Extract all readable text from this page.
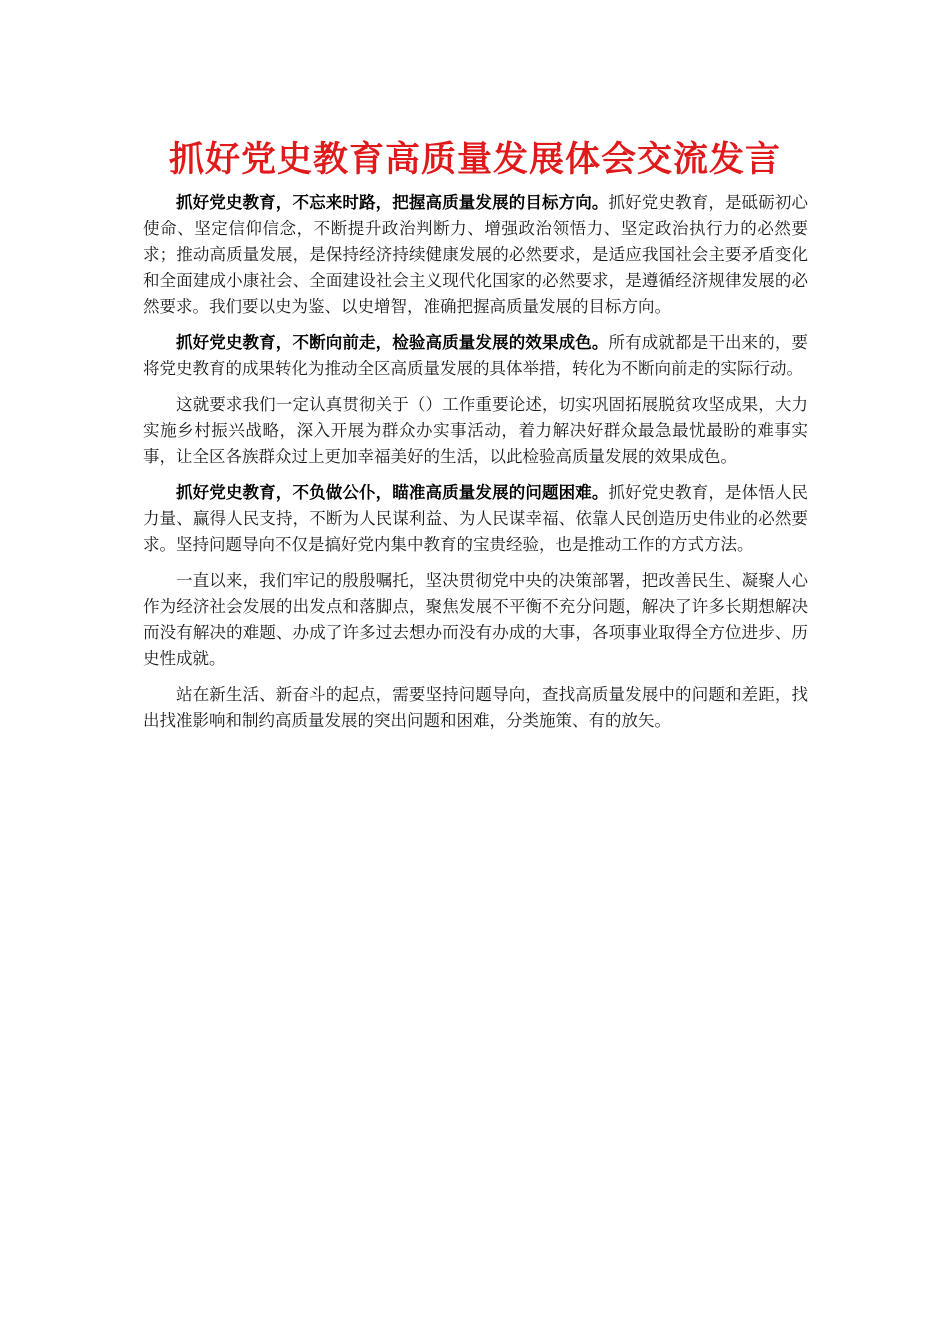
抓好党史教育高质量发展体会交流发言

抓好党史教育，不忘来时路，把握高质量发展的目标方向。抓好党史教育，是砥砺初心使命、坚定信仰信念，不断提升政治判断力、增强政治领悟力、坚定政治执行力的必然要求；推动高质量发展，是保持经济持续健康发展的必然要求，是适应我国社会主要矛盾变化和全面建成小康社会、全面建设社会主义现代化国家的必然要求，是遵循经济规律发展的必然要求。我们要以史为鉴、以史增智，准确把握高质量发展的目标方向。

抓好党史教育，不断向前走，检验高质量发展的效果成色。所有成就都是干出来的，要将党史教育的成果转化为推动全区高质量发展的具体举措，转化为不断向前走的实际行动。

这就要求我们一定认真贯彻关于（）工作重要论述，切实巩固拓展脱贫攻坚成果，大力实施乡村振兴战略，深入开展为群众办实事活动，着力解决好群众最急最忧最盼的难事实事，让全区各族群众过上更加幸福美好的生活，以此检验高质量发展的效果成色。

抓好党史教育，不负做公仆，瞄准高质量发展的问题困难。抓好党史教育，是体悟人民力量、赢得人民支持，不断为人民谋利益、为人民谋幸福、依靠人民创造历史伟业的必然要求。坚持问题导向不仅是搞好党内集中教育的宝贵经验，也是推动工作的方式方法。

一直以来，我们牢记的殷殷嘱托，坚决贯彻党中央的决策部署，把改善民生、凝聚人心作为经济社会发展的出发点和落脚点，聚焦发展不平衡不充分问题，解决了许多长期想解决而没有解决的难题、办成了许多过去想办而没有办成的大事，各项事业取得全方位进步、历史性成就。

站在新生活、新奋斗的起点，需要坚持问题导向，查找高质量发展中的问题和差距，找出找准影响和制约高质量发展的突出问题和困难，分类施策、有的放矢。
